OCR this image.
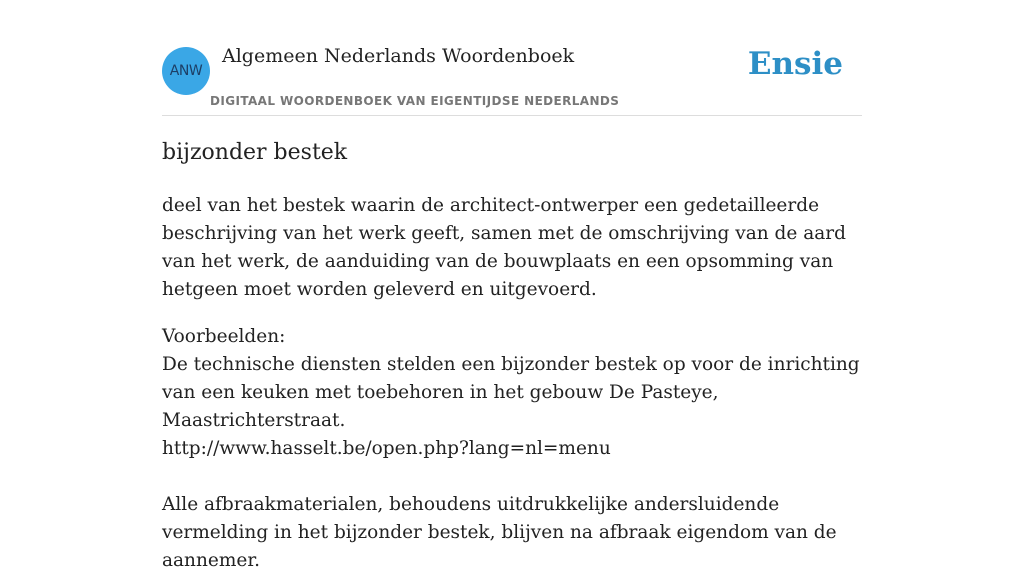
ANW
Algemeen Nederlands Woordenboek
DIGITAAL WOORDENBOEK VAN EIGENTIJDSE NEDERLANDS
Ensie
bijzonder bestek

deel van het bestek waarin de architect-ontwerper een gedetailleerde beschrijving van het werk geeft, samen met de omschrijving van de aard van het werk, de aanduiding van de bouwplaats en een opsomming van hetgeen moet worden geleverd en uitgevoerd.

Voorbeelden:

De technische diensten stelden een bijzonder bestek op voor de inrichting van een keuken met toebehoren in het gebouw De Pasteye, Maastrichterstraat.

http://www.hasselt.be/open.php?lang=nl=menu

Alle afbraakmaterialen, behoudens uitdrukkelijke andersluidende vermelding in het bijzonder bestek, blijven na afbraak eigendom van de aannemer.
